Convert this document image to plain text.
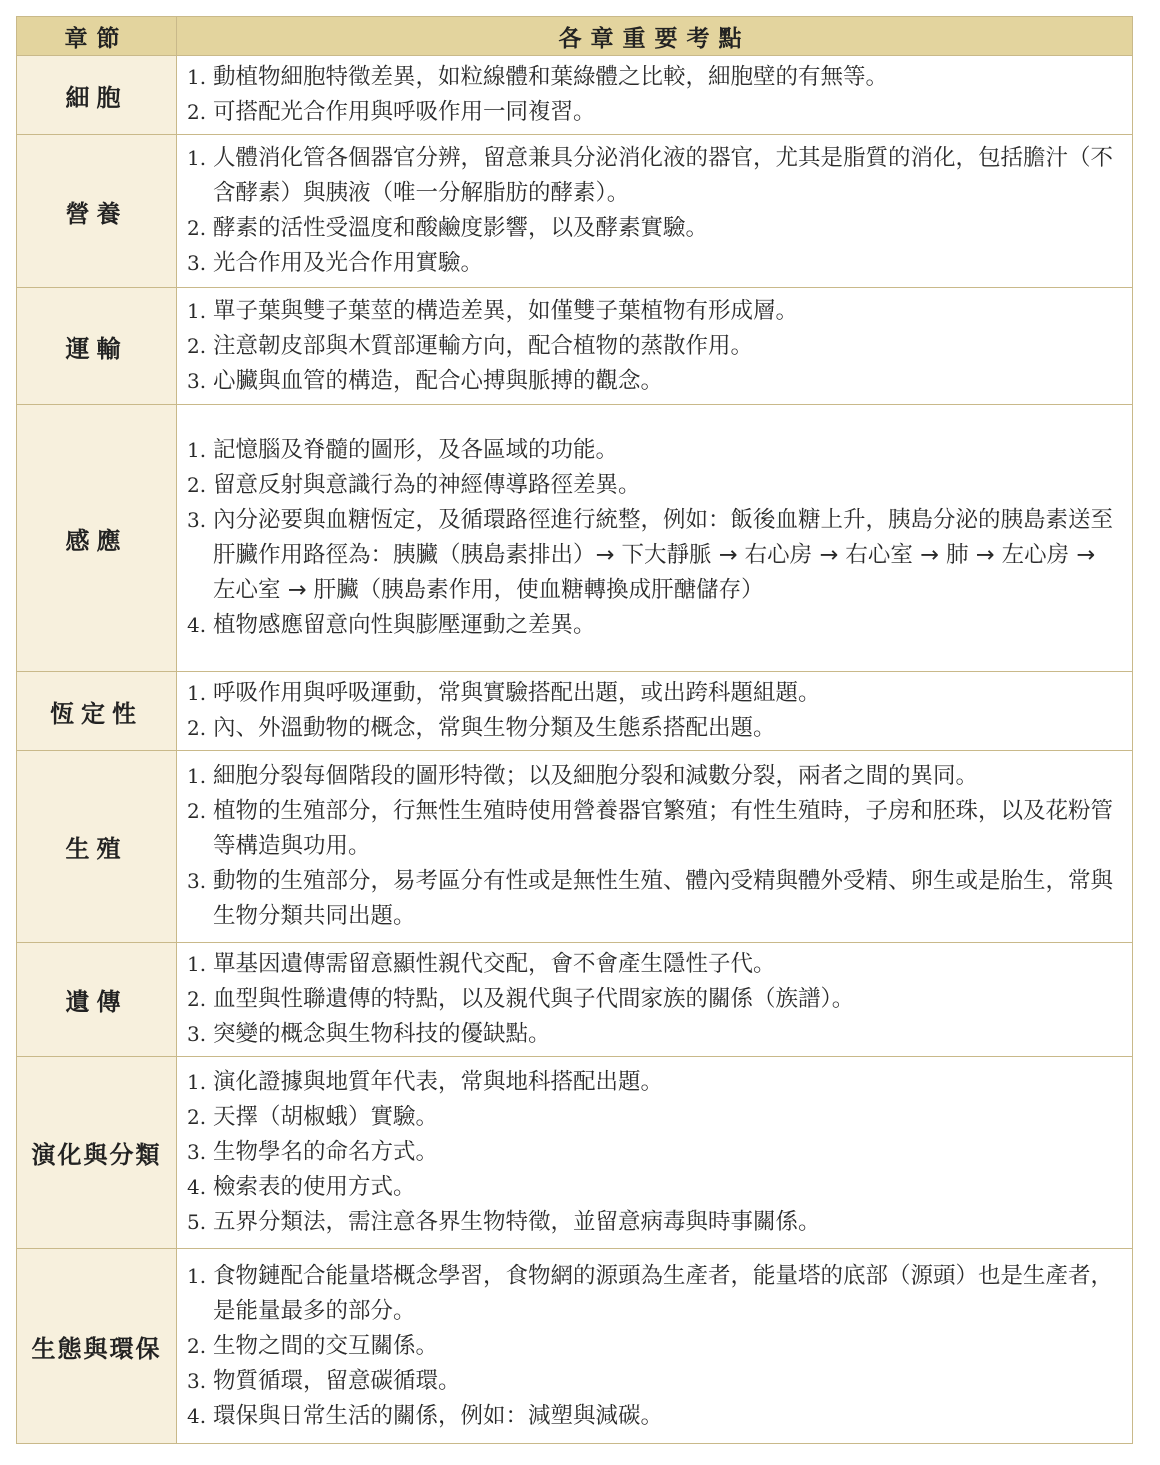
章節	各章重要考點
細胞	1. 動植物細胞特徵差異，如粒線體和葉綠體之比較，細胞壁的有無等。
2. 可搭配光合作用與呼吸作用一同複習。

營養	1. 人體消化管各個器官分辨，留意兼具分泌消化液的器官，尤其是脂質的消化，包括膽汁（不含酵素）與胰液（唯一分解脂肪的酵素）。
2. 酵素的活性受溫度和酸鹼度影響，以及酵素實驗。
3. 光合作用及光合作用實驗。

運輸	1. 單子葉與雙子葉莖的構造差異，如僅雙子葉植物有形成層。
2. 注意韌皮部與木質部運輸方向，配合植物的蒸散作用。
3. 心臟與血管的構造，配合心搏與脈搏的觀念。

感應	1. 記憶腦及脊髓的圖形，及各區域的功能。
2. 留意反射與意識行為的神經傳導路徑差異。
3. 內分泌要與血糖恆定，及循環路徑進行統整，例如：飯後血糖上升，胰島分泌的胰島素送至肝臟作用路徑為：胰臟（胰島素排出）→ 下大靜脈 → 右心房 → 右心室 → 肺 → 左心房 → 左心室 → 肝臟（胰島素作用，使血糖轉換成肝醣儲存）
4. 植物感應留意向性與膨壓運動之差異。

恆定性	1. 呼吸作用與呼吸運動，常與實驗搭配出題，或出跨科題組題。
2. 內、外溫動物的概念，常與生物分類及生態系搭配出題。

生殖	1. 細胞分裂每個階段的圖形特徵；以及細胞分裂和減數分裂，兩者之間的異同。
2. 植物的生殖部分，行無性生殖時使用營養器官繁殖；有性生殖時，子房和胚珠，以及花粉管等構造與功用。
3. 動物的生殖部分，易考區分有性或是無性生殖、體內受精與體外受精、卵生或是胎生，常與生物分類共同出題。

遺傳	1. 單基因遺傳需留意顯性親代交配，會不會產生隱性子代。
2. 血型與性聯遺傳的特點，以及親代與子代間家族的關係（族譜）。
3. 突變的概念與生物科技的優缺點。

演化與分類	1. 演化證據與地質年代表，常與地科搭配出題。
2. 天擇（胡椒蛾）實驗。
3. 生物學名的命名方式。
4. 檢索表的使用方式。
5. 五界分類法，需注意各界生物特徵，並留意病毒與時事關係。

生態與環保	1. 食物鏈配合能量塔概念學習，食物網的源頭為生產者，能量塔的底部（源頭）也是生產者，是能量最多的部分。
2. 生物之間的交互關係。
3. 物質循環，留意碳循環。
4. 環保與日常生活的關係，例如：減塑與減碳。
